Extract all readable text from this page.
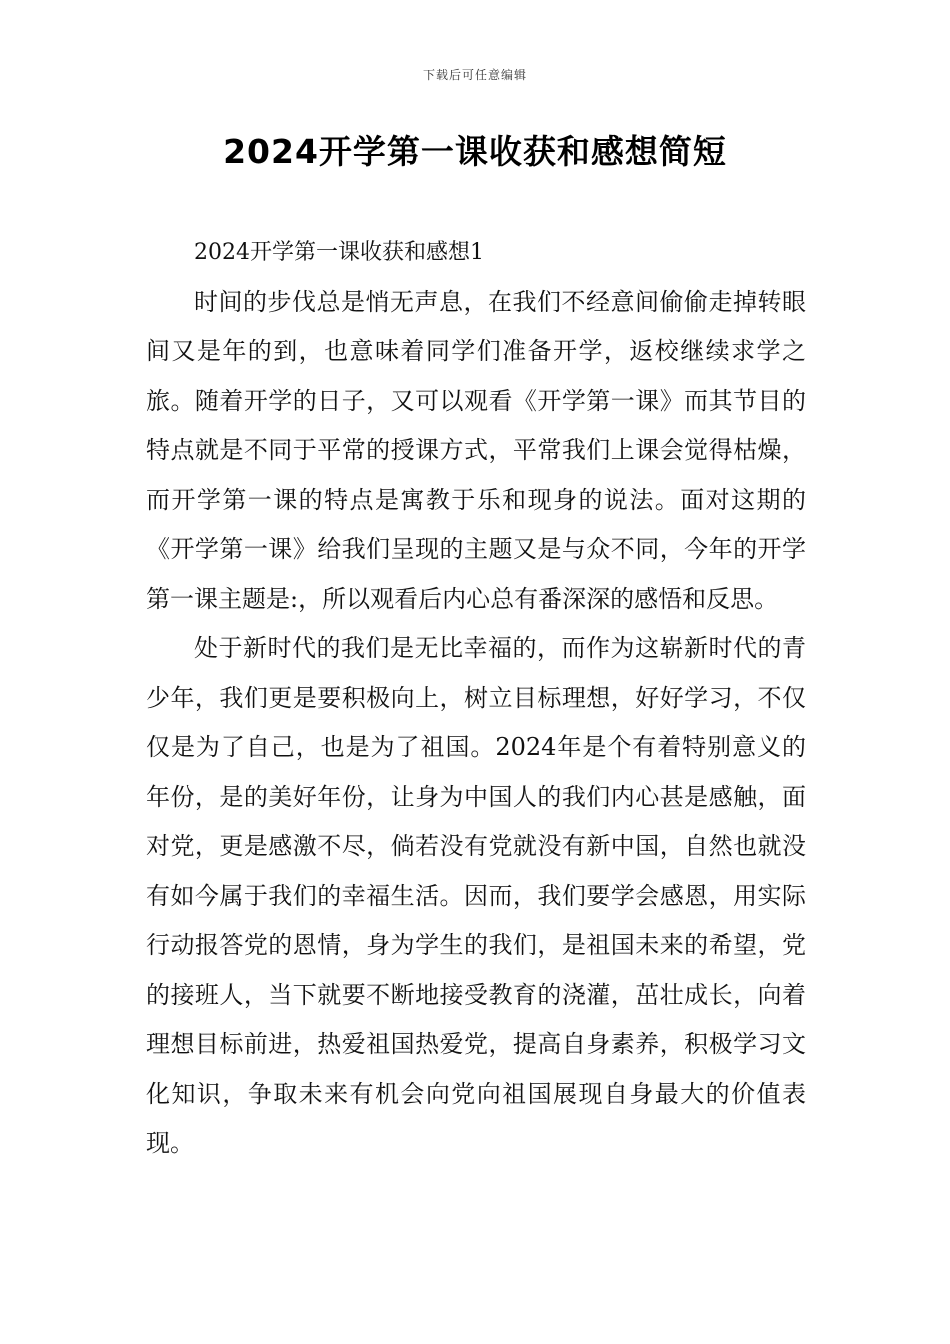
下载后可任意编辑
2024开学第一课收获和感想简短

2024开学第一课收获和感想1

时间的步伐总是悄无声息，在我们不经意间偷偷走掉转眼间又是年的到，也意味着同学们准备开学，返校继续求学之旅。随着开学的日子，又可以观看《开学第一课》而其节目的特点就是不同于平常的授课方式，平常我们上课会觉得枯燥，而开学第一课的特点是寓教于乐和现身的说法。面对这期的《开学第一课》给我们呈现的主题又是与众不同，今年的开学第一课主题是:，所以观看后内心总有番深深的感悟和反思。

处于新时代的我们是无比幸福的，而作为这崭新时代的青少年，我们更是要积极向上，树立目标理想，好好学习，不仅仅是为了自己，也是为了祖国。2024年是个有着特别意义的年份，是的美好年份，让身为中国人的我们内心甚是感触，面对党，更是感激不尽，倘若没有党就没有新中国，自然也就没有如今属于我们的幸福生活。因而，我们要学会感恩，用实际行动报答党的恩情，身为学生的我们，是祖国未来的希望，党的接班人，当下就要不断地接受教育的浇灌，茁壮成长，向着理想目标前进，热爱祖国热爱党，提高自身素养，积极学习文化知识，争取未来有机会向党向祖国展现自身最大的价值表现。
